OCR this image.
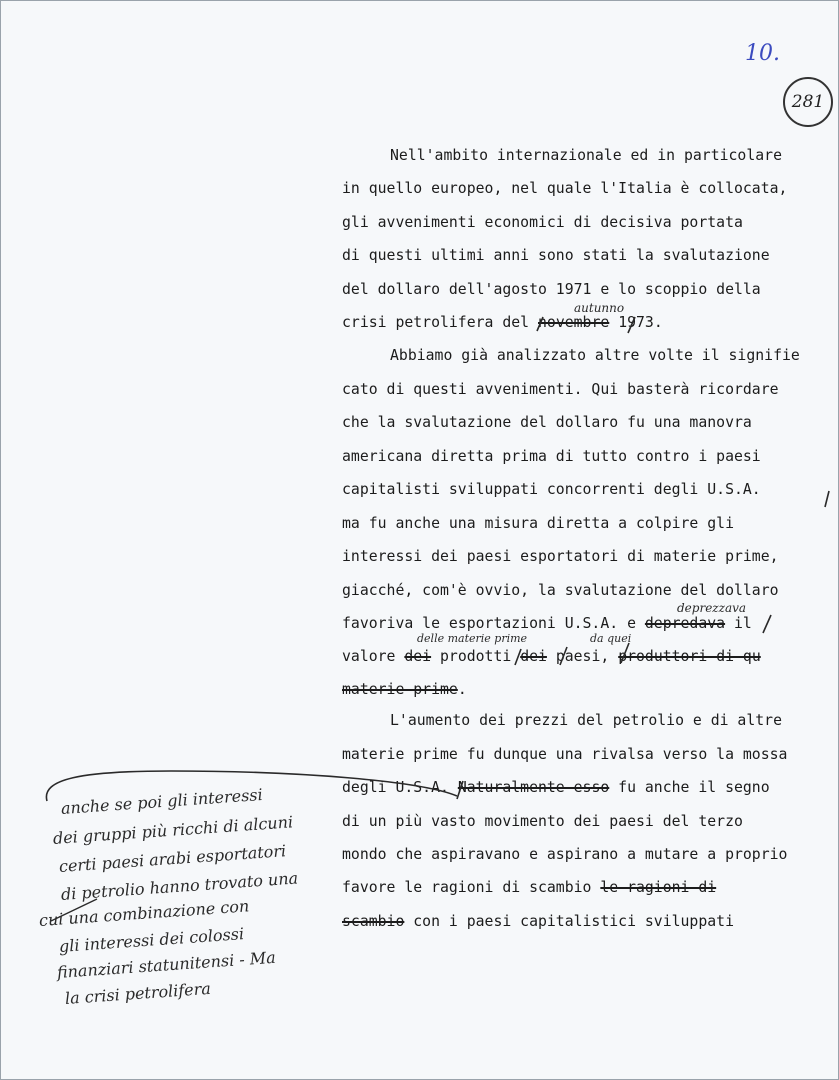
10.
281
Nell'ambito internazionale ed in particolare
in quello europeo, nel quale l'Italia è collocata,
gli avvenimenti economici di decisiva portata
di questi ultimi anni sono stati la svalutazione
del dollaro dell'agosto 1971 e lo scoppio della
crisi petrolifera del novembre 1973.
Abbiamo già analizzato altre volte il signifie
cato di questi avvenimenti. Qui basterà ricordare
che la svalutazione del dollaro fu una manovra
americana diretta prima di tutto contro i paesi
capitalisti sviluppati concorrenti degli U.S.A.
ma fu anche una misura diretta a colpire gli
interessi dei paesi esportatori di materie prime,
giacché, com'è ovvio, la svalutazione del dollaro
favoriva le esportazioni U.S.A. e depredava il
valore dei prodotti dei paesi, produttori di qu
materie prime.
L'aumento dei prezzi del petrolio e di altre
materie prime fu dunque una rivalsa verso la mossa
degli U.S.A. Naturalmente esso fu anche il segno
di un più vasto movimento dei paesi del terzo
mondo che aspiravano e aspirano a mutare a proprio
favore le ragioni di scambio le ragioni di
scambio con i paesi capitalistici sviluppati
autunno
deprezzava
delle materie prime	da quei
anche se poi gli interessi
dei gruppi più ricchi di alcuni
certi paesi arabi esportatori
di petrolio hanno trovato una
cui una combinazione con
gli interessi dei colossi
finanziari statunitensi - Ma
la crisi petrolifera
